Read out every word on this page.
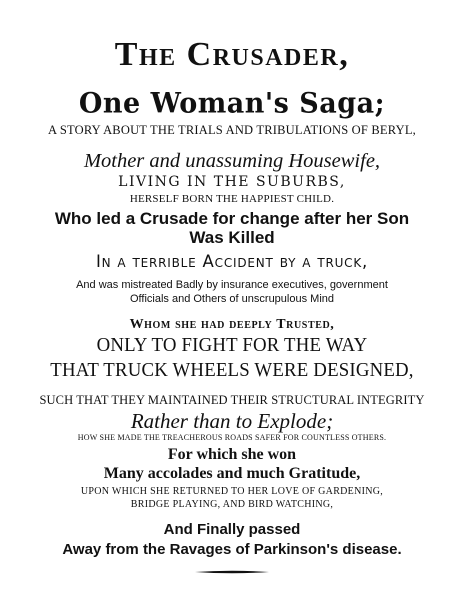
The Crusader,
One Woman's Saga;
A STORY ABOUT THE TRIALS AND TRIBULATIONS OF BERYL,
Mother and unassuming Housewife,
LIVING IN THE SUBURBS,
HERSELF BORN THE HAPPIEST CHILD.
Who led a Crusade for change after her Son
Was Killed
In a terrible Accident by a truck,
And was mistreated Badly by insurance executives, government
Officials and Others of unscrupulous Mind
Whom she had deeply Trusted,
ONLY TO FIGHT FOR THE WAY
THAT TRUCK WHEELS WERE DESIGNED,
SUCH THAT THEY MAINTAINED THEIR STRUCTURAL INTEGRITY
Rather than to Explode;
HOW SHE MADE THE TREACHEROUS ROADS SAFER FOR COUNTLESS OTHERS.
For which she won
Many accolades and much Gratitude,
UPON WHICH SHE RETURNED TO HER LOVE OF GARDENING,
BRIDGE PLAYING, AND BIRD WATCHING,
And Finally passed
Away from the Ravages of Parkinson's disease.
